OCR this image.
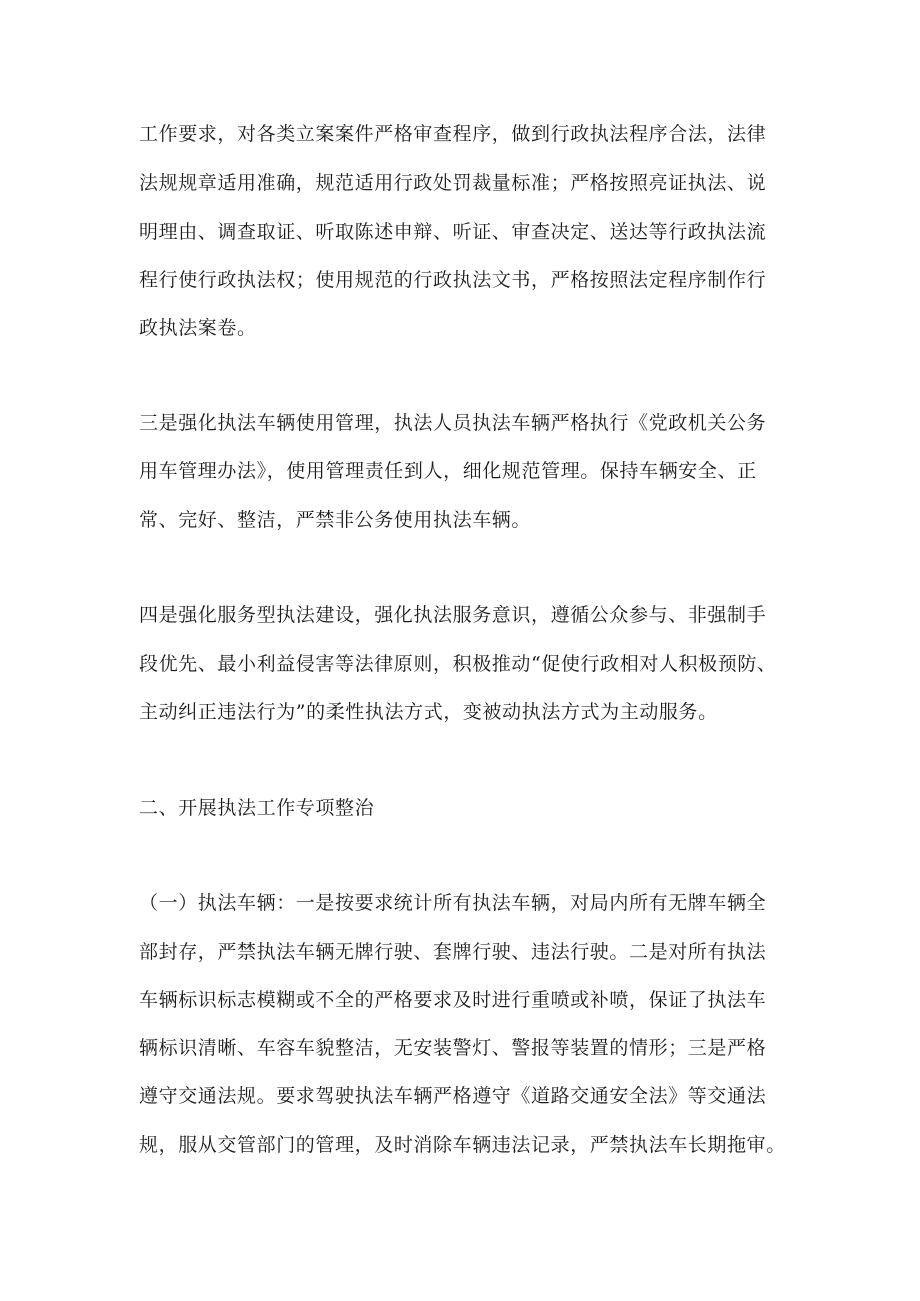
工作要求，对各类立案案件严格审查程序，做到行政执法程序合法，法律
法规规章适用准确，规范适用行政处罚裁量标准；严格按照亮证执法、说
明理由、调查取证、听取陈述申辩、听证、审查决定、送达等行政执法流
程行使行政执法权；使用规范的行政执法文书，严格按照法定程序制作行
政执法案卷。
三是强化执法车辆使用管理，执法人员执法车辆严格执行《党政机关公务
用车管理办法》，使用管理责任到人，细化规范管理。保持车辆安全、正
常、完好、整洁，严禁非公务使用执法车辆。
四是强化服务型执法建设，强化执法服务意识，遵循公众参与、非强制手
段优先、最小利益侵害等法律原则，积极推动“促使行政相对人积极预防、
主动纠正违法行为”的柔性执法方式，变被动执法方式为主动服务。
二、开展执法工作专项整治
（一）执法车辆：一是按要求统计所有执法车辆，对局内所有无牌车辆全
部封存，严禁执法车辆无牌行驶、套牌行驶、违法行驶。二是对所有执法
车辆标识标志模糊或不全的严格要求及时进行重喷或补喷，保证了执法车
辆标识清晰、车容车貌整洁，无安装警灯、警报等装置的情形；三是严格
遵守交通法规。要求驾驶执法车辆严格遵守《道路交通安全法》等交通法
规，服从交管部门的管理，及时消除车辆违法记录，严禁执法车长期拖审。
